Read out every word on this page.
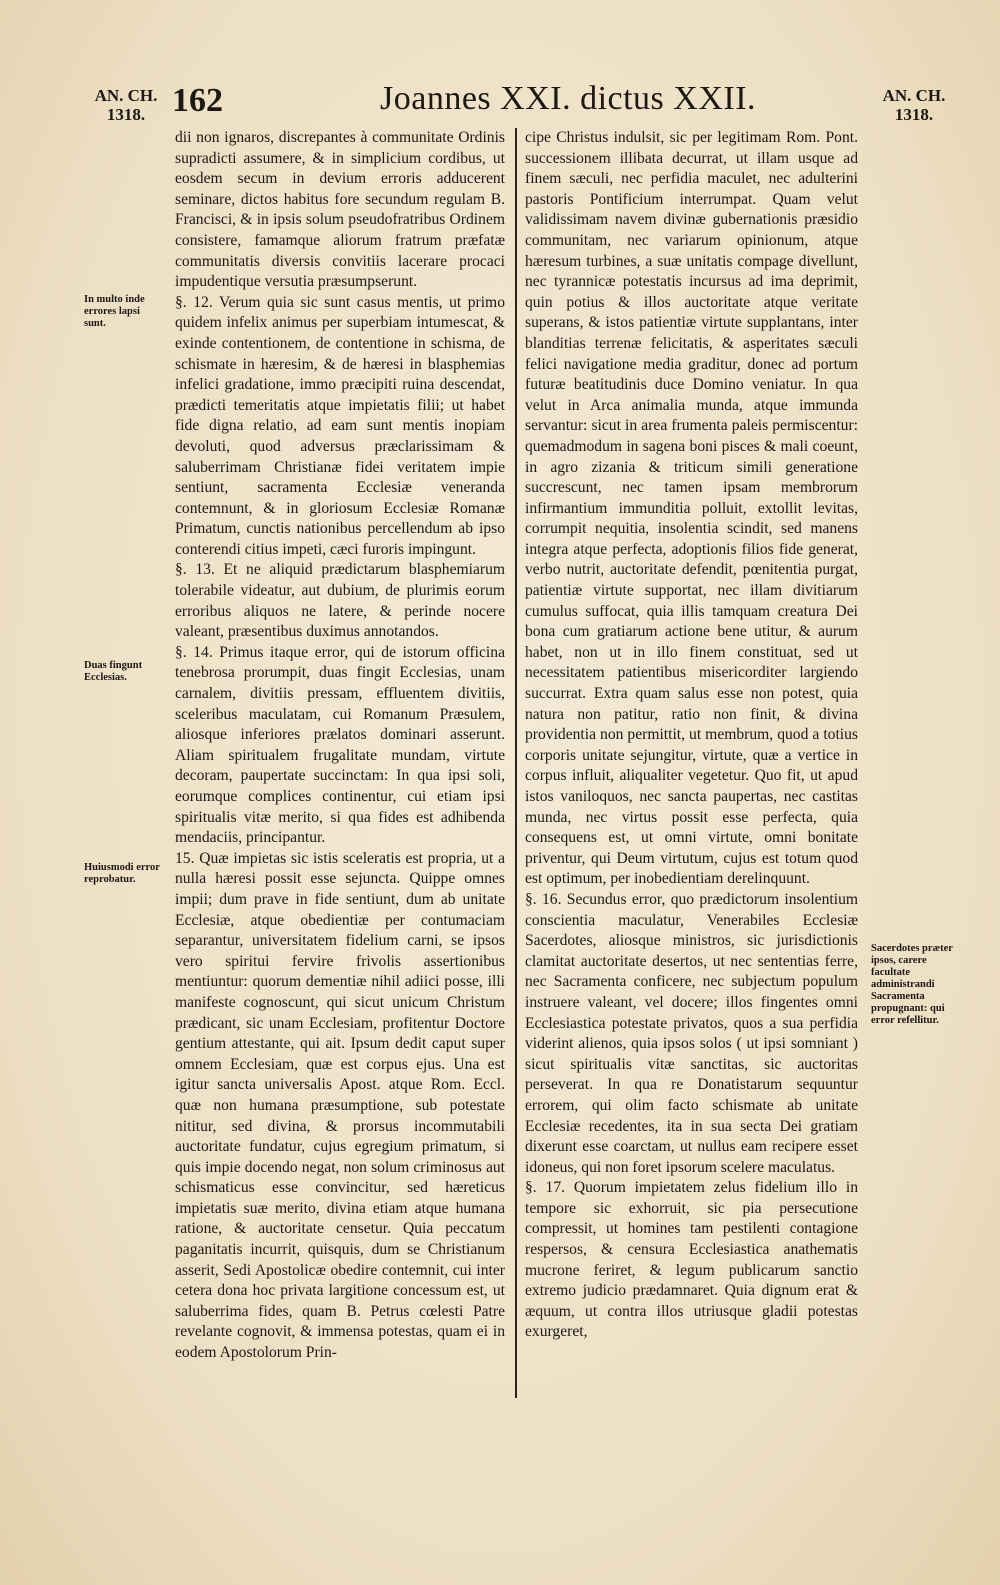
AN. CH. 1318. 162	Joannes XXI. dictus XXII.	AN. CH. 1318.
In multo inde errores lapsi sunt.
Duas fingunt Ecclesias.
Huiusmodi error reprobatur.
Sacerdotes præter ipsos, carere facultate administrandi Sacramenta propugnant: qui error refellitur.

dii non ignaros, discrepantes à communitate Ordinis supradicti assumere, & in simplicium cordibus, ut eosdem secum in devium erroris adducerent seminare, dictos habitus fore secundum regulam B. Francisci, & in ipsis solum pseudofratribus Ordinem consistere, famamque aliorum fratrum præfatæ communitatis diversis convitiis lacerare procaci impudentique versutia præsumpserunt.

§. 12. Verum quia sic sunt casus mentis, ut primo quidem infelix animus per superbiam intumescat, & exinde contentionem, de contentione in schisma, de schismate in hæresim, & de hæresi in blasphemias infelici gradatione, immo præcipiti ruina descendat, prædicti temeritatis atque impietatis filii; ut habet fide digna relatio, ad eam sunt mentis inopiam devoluti, quod adversus præclarissimam & saluberrimam Christianæ fidei veritatem impie sentiunt, sacramenta Ecclesiæ veneranda contemnunt, & in gloriosum Ecclesiæ Romanæ Primatum, cunctis nationibus percellendum ab ipso conterendi citius impeti, cæci furoris impingunt.

§. 13. Et ne aliquid prædictarum blasphemiarum tolerabile videatur, aut dubium, de plurimis eorum erroribus aliquos ne latere, & perinde nocere valeant, præsentibus duximus annotandos.

§. 14. Primus itaque error, qui de istorum officina tenebrosa prorumpit, duas fingit Ecclesias, unam carnalem, divitiis pressam, effluentem divitiis, sceleribus maculatam, cui Romanum Præsulem, aliosque inferiores prælatos dominari asserunt. Aliam spiritualem frugalitate mundam, virtute decoram, paupertate succinctam: In qua ipsi soli, eorumque complices continentur, cui etiam ipsi spiritualis vitæ merito, si qua fides est adhibenda mendaciis, principantur.

15. Quæ impietas sic istis sceleratis est propria, ut a nulla hæresi possit esse sejuncta. Quippe omnes impii; dum prave in fide sentiunt, dum ab unitate Ecclesiæ, atque obedientiæ per contumaciam separantur, universitatem fidelium carni, se ipsos vero spiritui fervire frivolis assertionibus mentiuntur: quorum dementiæ nihil adiici posse, illi manifeste cognoscunt, qui sicut unicum Christum prædicant, sic unam Ecclesiam, profitentur Doctore gentium attestante, qui ait. Ipsum dedit caput super omnem Ecclesiam, quæ est corpus ejus. Una est igitur sancta universalis Apost. atque Rom. Eccl. quæ non humana præsumptione, sub potestate nititur, sed divina, & prorsus incommutabili auctoritate fundatur, cujus egregium primatum, si quis impie docendo negat, non solum criminosus aut schismaticus esse convincitur, sed hæreticus impietatis suæ merito, divina etiam atque humana ratione, & auctoritate censetur. Quia peccatum paganitatis incurrit, quisquis, dum se Christianum asserit, Sedi Apostolicæ obedire contemnit, cui inter cetera dona hoc privata largitione concessum est, ut saluberrima fides, quam B. Petrus cœlesti Patre revelante cognovit, & immensa potestas, quam ei in eodem Apostolorum Prin-

cipe Christus indulsit, sic per legitimam Rom. Pont. successionem illibata decurrat, ut illam usque ad finem sæculi, nec perfidia maculet, nec adulterini pastoris Pontificium interrumpat. Quam velut validissimam navem divinæ gubernationis præsidio communitam, nec variarum opinionum, atque hæresum turbines, a suæ unitatis compage divellunt, nec tyrannicæ potestatis incursus ad ima deprimit, quin potius & illos auctoritate atque veritate superans, & istos patientiæ virtute supplantans, inter blanditias terrenæ felicitatis, & asperitates sæculi felici navigatione media graditur, donec ad portum futuræ beatitudinis duce Domino veniatur. In qua velut in Arca animalia munda, atque immunda servantur: sicut in area frumenta paleis permiscentur: quemadmodum in sagena boni pisces & mali coeunt, in agro zizania & triticum simili generatione succrescunt, nec tamen ipsam membrorum infirmantium immunditia polluit, extollit levitas, corrumpit nequitia, insolentia scindit, sed manens integra atque perfecta, adoptionis filios fide generat, verbo nutrit, auctoritate defendit, pœnitentia purgat, patientiæ virtute supportat, nec illam divitiarum cumulus suffocat, quia illis tamquam creatura Dei bona cum gratiarum actione bene utitur, & aurum habet, non ut in illo finem constituat, sed ut necessitatem patientibus misericorditer largiendo succurrat. Extra quam salus esse non potest, quia natura non patitur, ratio non finit, & divina providentia non permittit, ut membrum, quod a totius corporis unitate sejungitur, virtute, quæ a vertice in corpus influit, aliqualiter vegetetur. Quo fit, ut apud istos vaniloquos, nec sancta paupertas, nec castitas munda, nec virtus possit esse perfecta, quia consequens est, ut omni virtute, omni bonitate priventur, qui Deum virtutum, cujus est totum quod est optimum, per inobedientiam derelinquunt.

§. 16. Secundus error, quo prædictorum insolentium conscientia maculatur, Venerabiles Ecclesiæ Sacerdotes, aliosque ministros, sic jurisdictionis clamitat auctoritate desertos, ut nec sententias ferre, nec Sacramenta conficere, nec subjectum populum instruere valeant, vel docere; illos fingentes omni Ecclesiastica potestate privatos, quos a sua perfidia viderint alienos, quia ipsos solos ( ut ipsi somniant ) sicut spiritualis vitæ sanctitas, sic auctoritas perseverat. In qua re Donatistarum sequuntur errorem, qui olim facto schismate ab unitate Ecclesiæ recedentes, ita in sua secta Dei gratiam dixerunt esse coarctam, ut nullus eam recipere esset idoneus, qui non foret ipsorum scelere maculatus.

§. 17. Quorum impietatem zelus fidelium illo in tempore sic exhorruit, sic pia persecutione compressit, ut homines tam pestilenti contagione respersos, & censura Ecclesiastica anathematis mucrone feriret, & legum publicarum sanctio extremo judicio prædamnaret. Quia dignum erat & æquum, ut contra illos utriusque gladii potestas exurgeret,
